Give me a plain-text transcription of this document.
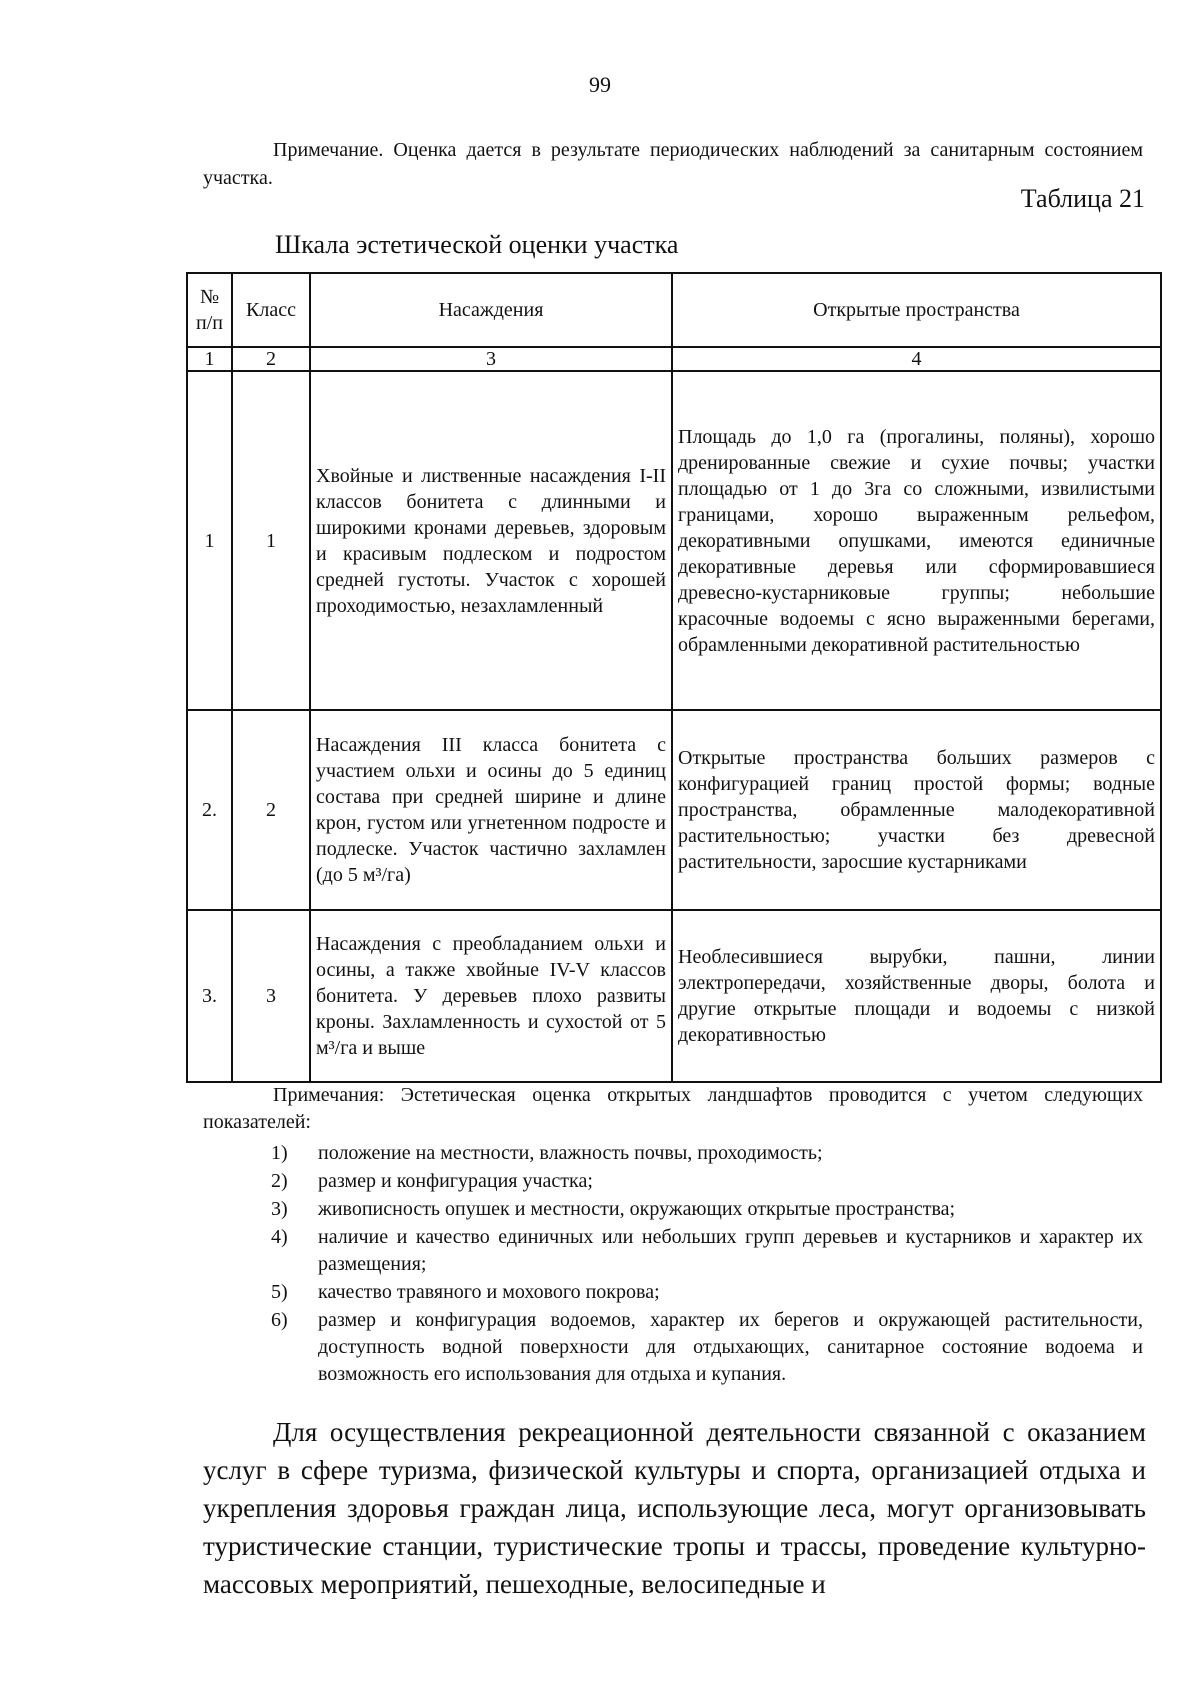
99

Примечание. Оценка дается в результате периодических наблюдений за санитарным состоянием участка.

Таблица 21
Шкала эстетической оценки участка
№ п/п	Класс	Насаждения	Открытые пространства
1	2	3	4
1	1	Хвойные и лиственные насаждения I-II классов бонитета с длинными и широкими кронами деревьев, здоровым и красивым подлеском и подростом средней густоты. Участок с хорошей проходимостью, незахламленный	Площадь до 1,0 га (прогалины, поляны), хорошо дренированные свежие и сухие почвы; участки площадью от 1 до 3га со сложными, извилистыми границами, хорошо выраженным рельефом, декоративными опушками, имеются единичные декоративные деревья или сформировавшиеся древесно-кустарниковые группы; небольшие красочные водоемы с ясно выраженными берегами, обрамленными декоративной растительностью
2.	2	Насаждения III класса бонитета с участием ольхи и осины до 5 единиц состава при средней ширине и длине крон, густом или угнетенном подросте и подлеске. Участок частично захламлен (до 5 м³/га)	Открытые пространства больших размеров с конфигурацией границ простой формы; водные пространства, обрамленные малодекоративной растительностью; участки без древесной растительности, заросшие кустарниками
3.	3	Насаждения с преобладанием ольхи и осины, а также хвойные IV-V классов бонитета. У деревьев плохо развиты кроны. Захламленность и сухостой от 5 м³/га и выше	Необлесившиеся вырубки, пашни, линии электропередачи, хозяйственные дворы, болота и другие открытые площади и водоемы с низкой декоративностью

Примечания: Эстетическая оценка открытых ландшафтов проводится с учетом следующих показателей:

1) положение на местности, влажность почвы, проходимость;
2) размер и конфигурация участка;
3) живописность опушек и местности, окружающих открытые пространства;
4) наличие и качество единичных или небольших групп деревьев и кустарников и характер их размещения;
5) качество травяного и мохового покрова;
6) размер и конфигурация водоемов, характер их берегов и окружающей растительности, доступность водной поверхности для отдыхающих, санитарное состояние водоема и возможность его использования для отдыха и купания.

Для осуществления рекреационной деятельности связанной с оказанием услуг в сфере туризма, физической культуры и спорта, организацией отдыха и укрепления здоровья граждан лица, использующие леса, могут организовывать туристические станции, туристические тропы и трассы, проведение культурно-массовых мероприятий, пешеходные, велосипедные и
